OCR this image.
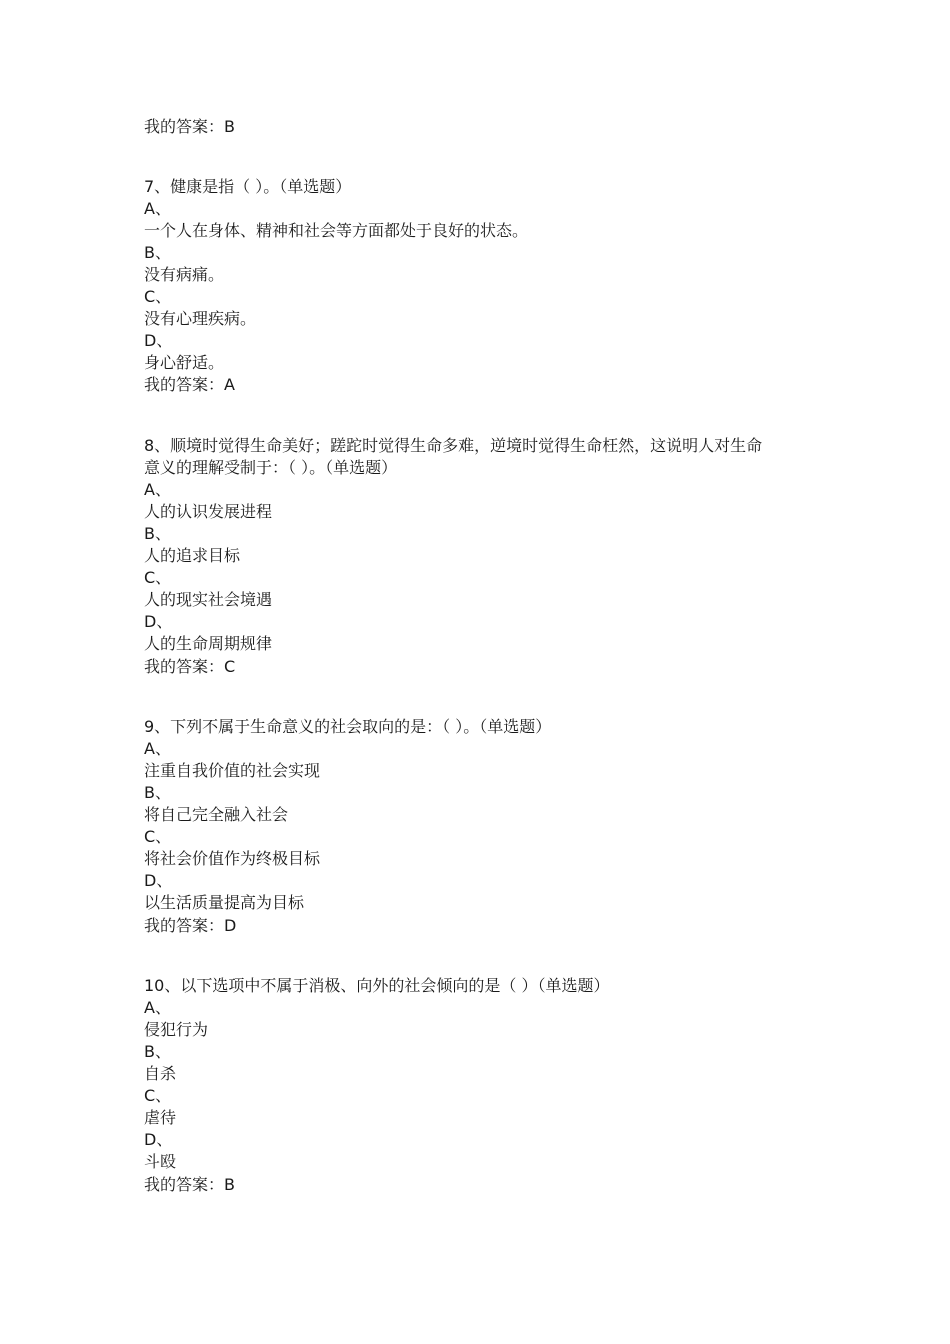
我的答案：B
7、健康是指（ ）。（单选题）
A、
一个人在身体、精神和社会等方面都处于良好的状态。
B、
没有病痛。
C、
没有心理疾病。
D、
身心舒适。
我的答案：A
8、顺境时觉得生命美好；蹉跎时觉得生命多难，逆境时觉得生命枉然，这说明人对生命
意义的理解受制于：（ ）。（单选题）
A、
人的认识发展进程
B、
人的追求目标
C、
人的现实社会境遇
D、
人的生命周期规律
我的答案：C
9、下列不属于生命意义的社会取向的是：（ ）。（单选题）
A、
注重自我价值的社会实现
B、
将自己完全融入社会
C、
将社会价值作为终极目标
D、
以生活质量提高为目标
我的答案：D
10、以下选项中不属于消极、向外的社会倾向的是（ ）（单选题）
A、
侵犯行为
B、
自杀
C、
虐待
D、
斗殴
我的答案：B
